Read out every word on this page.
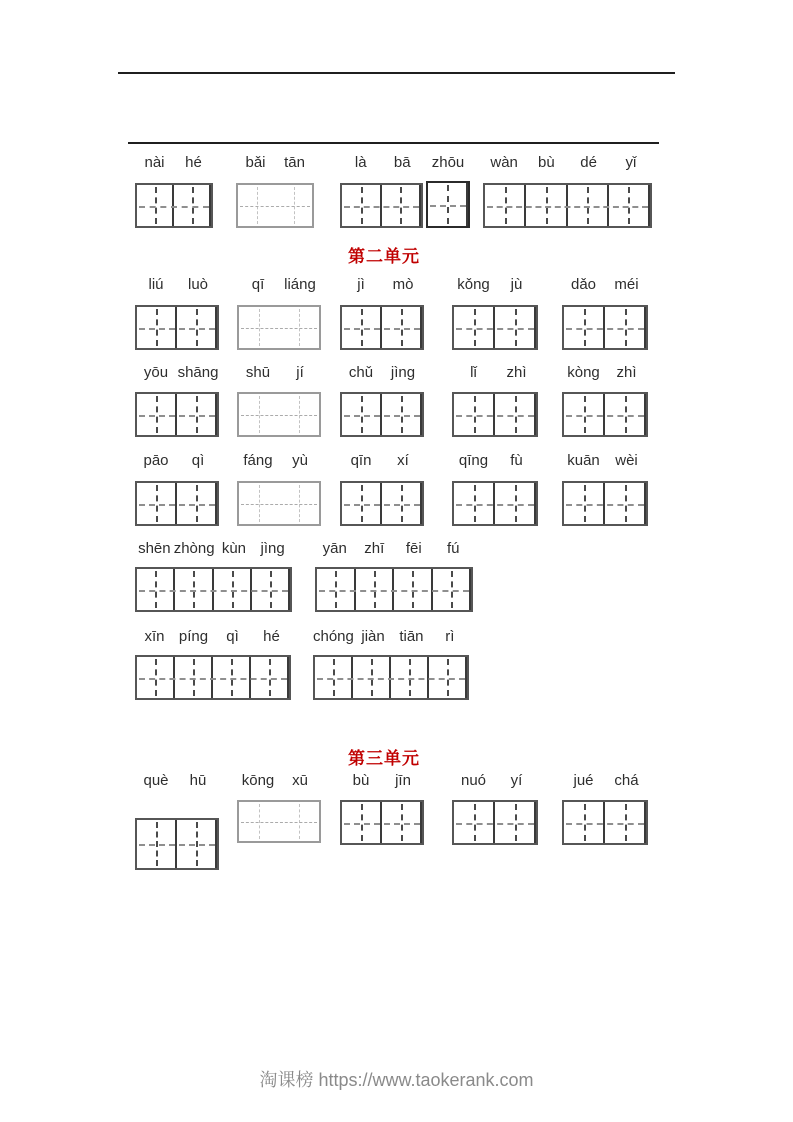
第二单元
第三单元
nài	hé	bǎi	tān	là	bā	zhōu	wàn	bù	dé	yǐ
liú	luò	qī	liáng	jì	mò	kǒng	jù	dǎo	méi
yōu shāng	shū	jí	chǔ	jìng	lǐ	zhì	kòng	zhì
pāo	qì	fáng	yù	qīn	xí	qīng	fù	kuān	wèi
shēn zhòng kùn jìng	yān	zhī	fēi	fú
xīn píng	qì	hé	chóng jiàn tiān	rì
què	hū	kōng	xū	bù	jīn	nuó	yí	jué	chá
淘课榜 https://www.taokerank.com
